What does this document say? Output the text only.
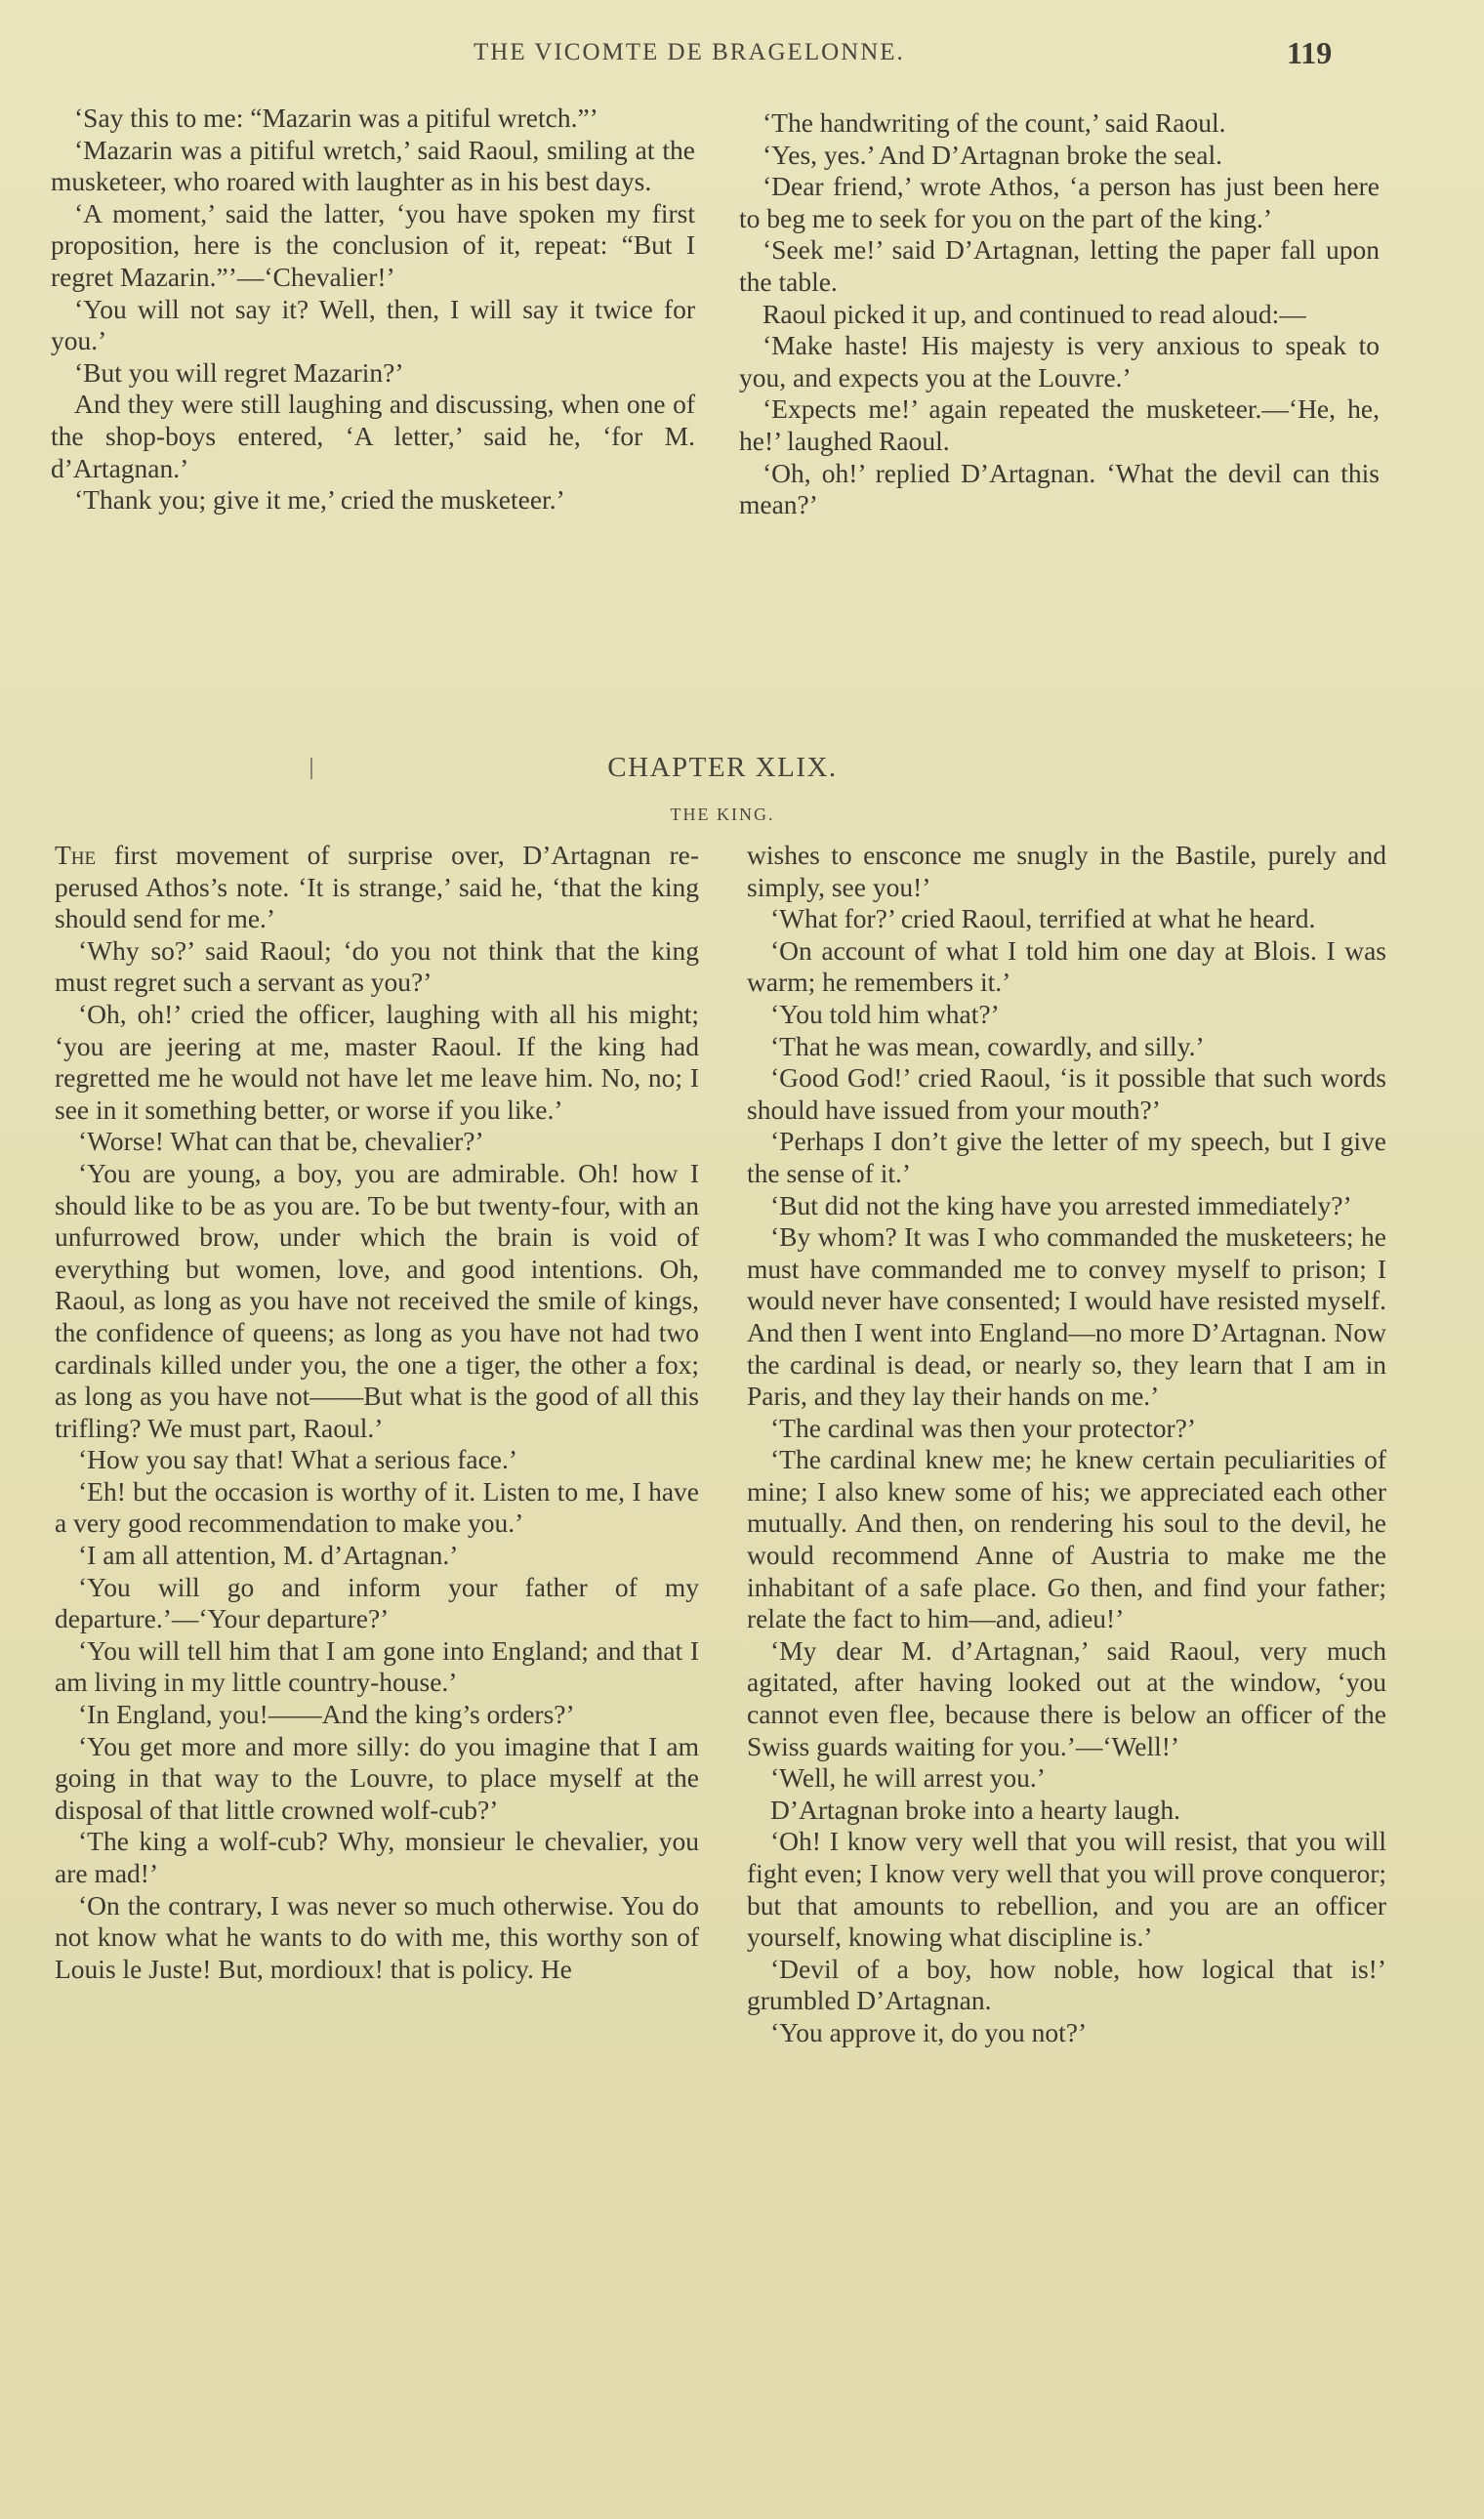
THE VICOMTE DE BRAGELONNE.	119

‘Say this to me: “Mazarin was a pitiful wretch.”’

‘Mazarin was a pitiful wretch,’ said Raoul, smiling at the musketeer, who roared with laughter as in his best days.

‘A moment,’ said the latter, ‘you have spoken my first proposition, here is the conclusion of it, repeat: “But I regret Mazarin.”’—‘Chevalier!’

‘You will not say it? Well, then, I will say it twice for you.’

‘But you will regret Mazarin?’

And they were still laughing and discussing, when one of the shop-boys entered, ‘A letter,’ said he, ‘for M. d’Artagnan.’

‘Thank you; give it me,’ cried the musketeer.’

‘The handwriting of the count,’ said Raoul.

‘Yes, yes.’ And D’Artagnan broke the seal.

‘Dear friend,’ wrote Athos, ‘a person has just been here to beg me to seek for you on the part of the king.’

‘Seek me!’ said D’Artagnan, letting the paper fall upon the table.

Raoul picked it up, and continued to read aloud:—

‘Make haste! His majesty is very anxious to speak to you, and expects you at the Louvre.’

‘Expects me!’ again repeated the musketeer.—‘He, he, he!’ laughed Raoul.

‘Oh, oh!’ replied D’Artagnan. ‘What the devil can this mean?’

CHAPTER XLIX.
THE KING.

The first movement of surprise over, D’Artagnan re-perused Athos’s note. ‘It is strange,’ said he, ‘that the king should send for me.’

‘Why so?’ said Raoul; ‘do you not think that the king must regret such a servant as you?’

‘Oh, oh!’ cried the officer, laughing with all his might; ‘you are jeering at me, master Raoul. If the king had regretted me he would not have let me leave him. No, no; I see in it something better, or worse if you like.’

‘Worse! What can that be, chevalier?’

‘You are young, a boy, you are admirable. Oh! how I should like to be as you are. To be but twenty-four, with an unfurrowed brow, under which the brain is void of everything but women, love, and good intentions. Oh, Raoul, as long as you have not received the smile of kings, the confidence of queens; as long as you have not had two cardinals killed under you, the one a tiger, the other a fox; as long as you have not——But what is the good of all this trifling? We must part, Raoul.’

‘How you say that! What a serious face.’

‘Eh! but the occasion is worthy of it. Listen to me, I have a very good recommendation to make you.’

‘I am all attention, M. d’Artagnan.’

‘You will go and inform your father of my departure.’—‘Your departure?’

‘You will tell him that I am gone into England; and that I am living in my little country-house.’

‘In England, you!——And the king’s orders?’

‘You get more and more silly: do you imagine that I am going in that way to the Louvre, to place myself at the disposal of that little crowned wolf-cub?’

‘The king a wolf-cub? Why, monsieur le chevalier, you are mad!’

‘On the contrary, I was never so much otherwise. You do not know what he wants to do with me, this worthy son of Louis le Juste! But, mordioux! that is policy. He

wishes to ensconce me snugly in the Bastile, purely and simply, see you!’

‘What for?’ cried Raoul, terrified at what he heard.

‘On account of what I told him one day at Blois. I was warm; he remembers it.’

‘You told him what?’

‘That he was mean, cowardly, and silly.’

‘Good God!’ cried Raoul, ‘is it possible that such words should have issued from your mouth?’

‘Perhaps I don’t give the letter of my speech, but I give the sense of it.’

‘But did not the king have you arrested immediately?’

‘By whom? It was I who commanded the musketeers; he must have commanded me to convey myself to prison; I would never have consented; I would have resisted myself. And then I went into England—no more D’Artagnan. Now the cardinal is dead, or nearly so, they learn that I am in Paris, and they lay their hands on me.’

‘The cardinal was then your protector?’

‘The cardinal knew me; he knew certain peculiarities of mine; I also knew some of his; we appreciated each other mutually. And then, on rendering his soul to the devil, he would recommend Anne of Austria to make me the inhabitant of a safe place. Go then, and find your father; relate the fact to him—and, adieu!’

‘My dear M. d’Artagnan,’ said Raoul, very much agitated, after having looked out at the window, ‘you cannot even flee, because there is below an officer of the Swiss guards waiting for you.’—‘Well!’

‘Well, he will arrest you.’

D’Artagnan broke into a hearty laugh.

‘Oh! I know very well that you will resist, that you will fight even; I know very well that you will prove conqueror; but that amounts to rebellion, and you are an officer yourself, knowing what discipline is.’

‘Devil of a boy, how noble, how logical that is!’ grumbled D’Artagnan.

‘You approve it, do you not?’
